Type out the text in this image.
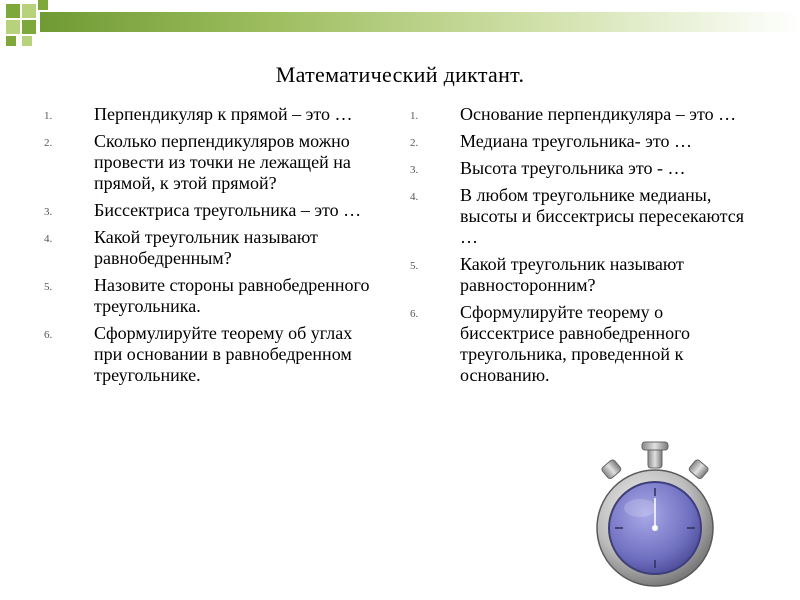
Математический диктант.
1.	Перпендикуляр к прямой – это …
2.	Сколько перпендикуляров можно провести из точки не лежащей на прямой, к этой прямой?
3.	Биссектриса треугольника – это …
4.	Какой треугольник называют равнобедренным?
5.	Назовите стороны равнобедренного треугольника.
6.	Сформулируйте теорему об углах при основании в равнобедренном треугольнике.
1.	Основание перпендикуляра – это …
2.	Медиана треугольника- это …
3.	Высота треугольника это - …
4.	В любом треугольнике медианы, высоты и биссектрисы пересекаются …
5.	Какой треугольник называют равносторонним?
6.	Сформулируйте теорему о биссектрисе равнобедренного треугольника, проведенной к основанию.
